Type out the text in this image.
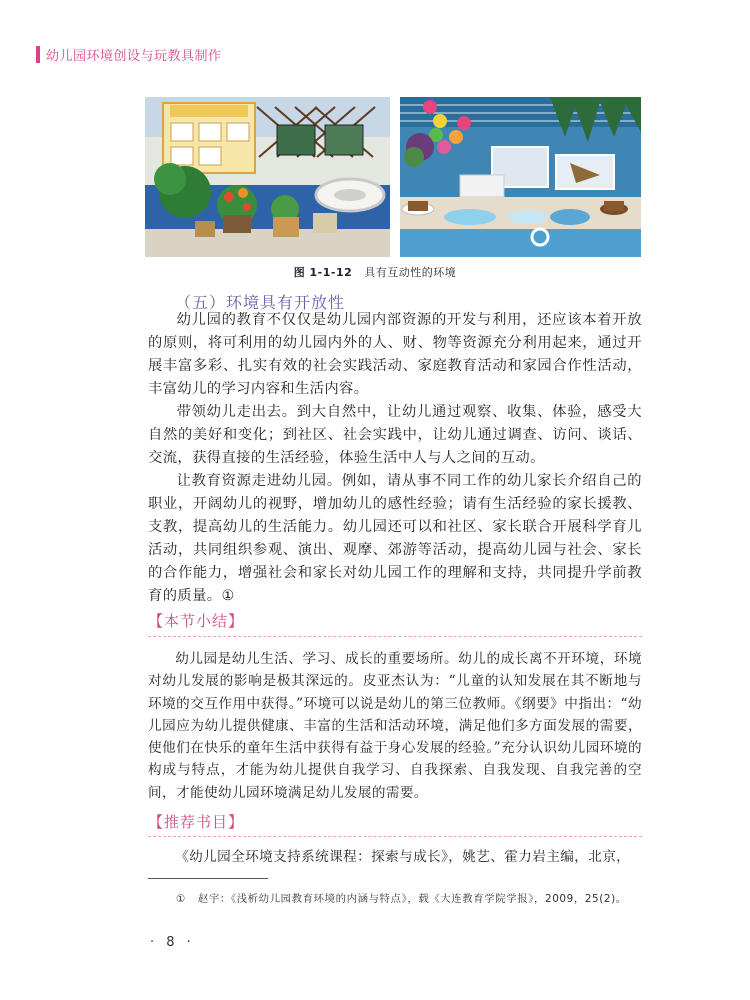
幼儿园环境创设与玩教具制作
图 1-1-12 具有互动性的环境
（五）环境具有开放性

幼儿园的教育不仅仅是幼儿园内部资源的开发与利用，还应该本着开放的原则，将可利用的幼儿园内外的人、财、物等资源充分利用起来，通过开展丰富多彩、扎实有效的社会实践活动、家庭教育活动和家园合作性活动，丰富幼儿的学习内容和生活内容。

带领幼儿走出去。到大自然中，让幼儿通过观察、收集、体验，感受大自然的美好和变化；到社区、社会实践中，让幼儿通过调查、访问、谈话、交流，获得直接的生活经验，体验生活中人与人之间的互动。

让教育资源走进幼儿园。例如，请从事不同工作的幼儿家长介绍自己的职业，开阔幼儿的视野，增加幼儿的感性经验；请有生活经验的家长援教、支教，提高幼儿的生活能力。幼儿园还可以和社区、家长联合开展科学育儿活动，共同组织参观、演出、观摩、郊游等活动，提高幼儿园与社会、家长的合作能力，增强社会和家长对幼儿园工作的理解和支持，共同提升学前教育的质量。①

【本节小结】

幼儿园是幼儿生活、学习、成长的重要场所。幼儿的成长离不开环境，环境对幼儿发展的影响是极其深远的。皮亚杰认为：“儿童的认知发展在其不断地与环境的交互作用中获得。”环境可以说是幼儿的第三位教师。《纲要》中指出：“幼儿园应为幼儿提供健康、丰富的生活和活动环境，满足他们多方面发展的需要，使他们在快乐的童年生活中获得有益于身心发展的经验。”充分认识幼儿园环境的构成与特点，才能为幼儿提供自我学习、自我探索、自我发现、自我完善的空间，才能使幼儿园环境满足幼儿发展的需要。

【推荐书目】

《幼儿园全环境支持系统课程：探索与成长》，姚艺、霍力岩主编，北京，

① 赵宇：《浅析幼儿园教育环境的内涵与特点》，载《大连教育学院学报》，2009，25(2)。
· 8 ·
